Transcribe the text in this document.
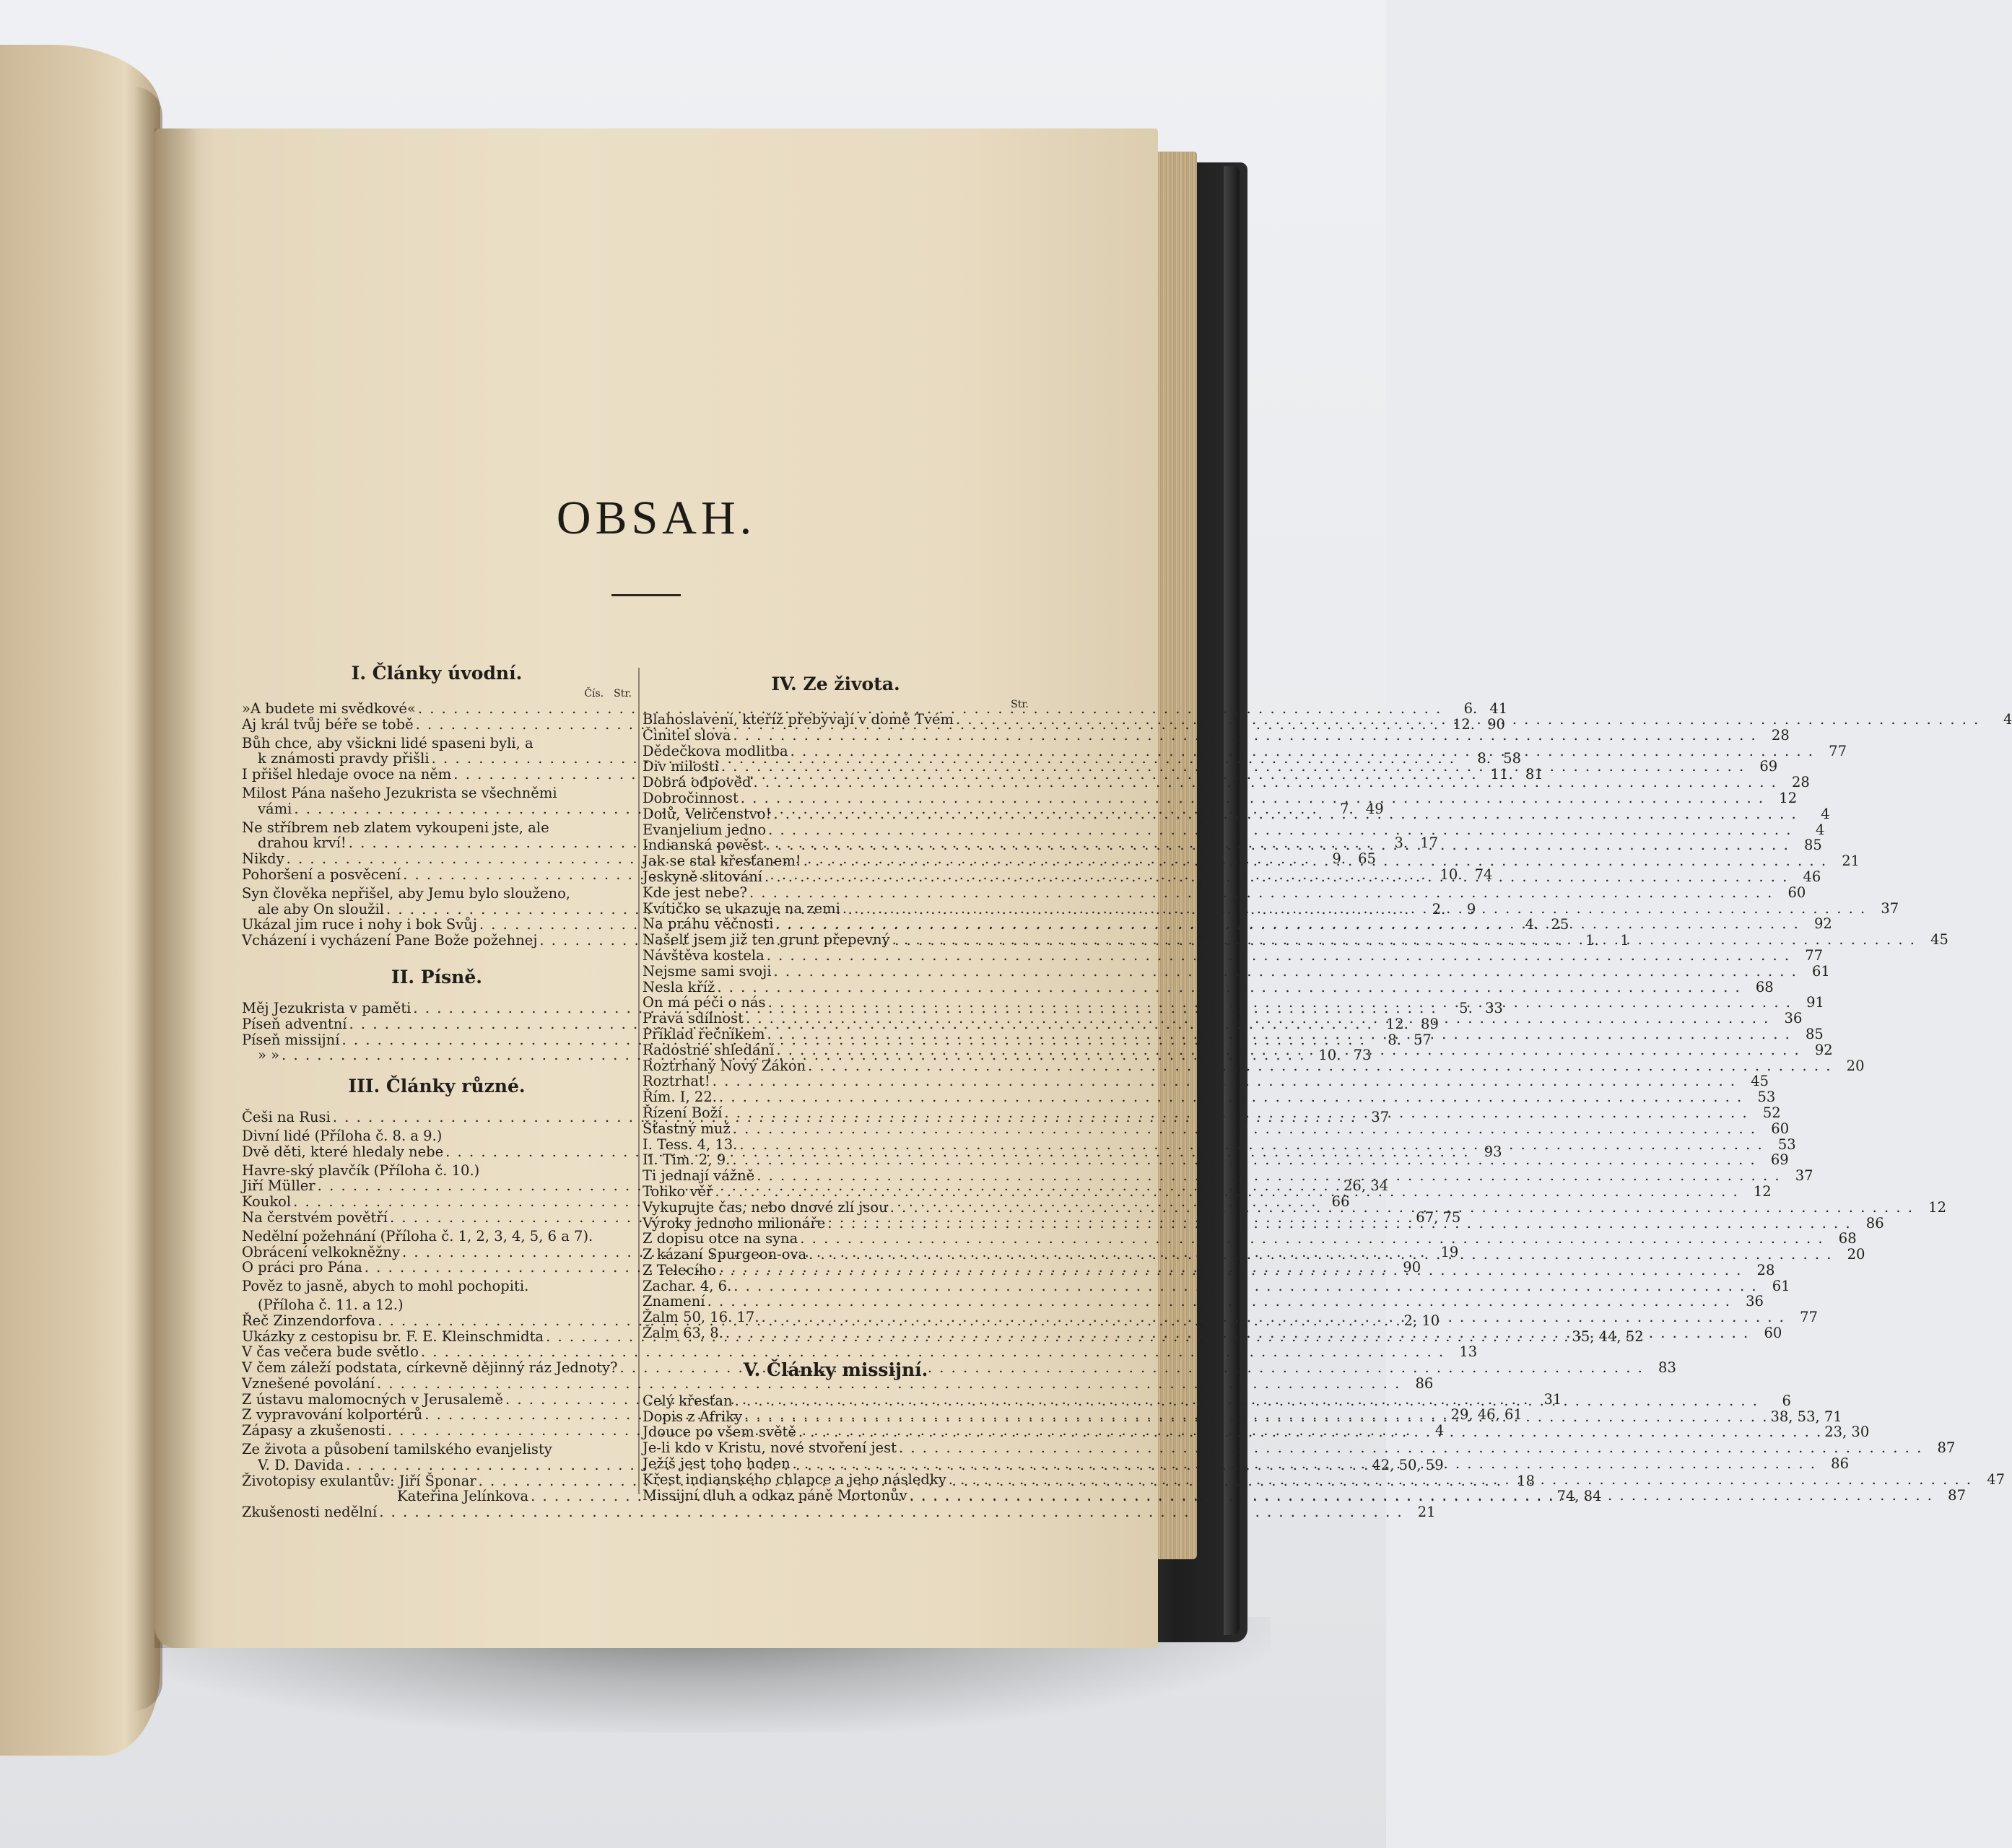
OBSAH.
I. Články úvodní.
Čís. Str.
»A budete mi svědkové« . . .	6. 41
Aj král tvůj béře se tobě . . .	12. 90
Bůh chce, aby všickni lidé spaseni byli, a
k známosti pravdy přišli . . .	8. 58
I přišel hledaje ovoce na něm . . .	11. 81
Milost Pána našeho Jezukrista se všechněmi
vámi . . .	7. 49
Ne stříbrem neb zlatem vykoupeni jste, ale
drahou krví! . . .	3. 17
Nikdy . . .	9. 65
Pohoršení a posvěcení . . .	10. 74
Syn člověka nepřišel, aby Jemu bylo slouženo,
ale aby On sloužil . . .	2.	9
Ukázal jim ruce i nohy i bok Svůj . . .	4. 25
Vcházení i vycházení Pane Bože požehnej . . .	1.	1
II. Písně.
Měj Jezukrista v paměti . . .	5. 33
Píseň adventní . . .	12. 89
Píseň missijní . . .	8. 57
» » . . .	10. 73
III. Články různé.
Češi na Rusi . . .	37
Divní lidé (Příloha č. 8. a 9.)
Dvě děti, které hledaly nebe . . .	93
Havre-ský plavčík (Příloha č. 10.)
Jiří Müller . . .	26, 34
Koukol . . .	66
Na čerstvém povětří . . .	67, 75
Nedělní požehnání (Příloha č. 1, 2, 3, 4, 5, 6 a 7).
Obrácení velkokněžny . . .	19
O práci pro Pána . . .	90
Pověz to jasně, abych to mohl pochopiti.
(Příloha č. 11. a 12.)
Řeč Zinzendorfova . . .	2, 10
Ukázky z cestopisu br. F. E. Kleinschmidta . . .	35, 44, 52
V čas večera bude světlo . . .	13
V čem záleží podstata, církevně dějinný ráz Jednoty? . . .	83
Vznešené povolání . . .	86
Z ústavu malomocných v Jerusalemě . . .	31
Z vypravování kolportérů . . .	29, 46, 61
Zápasy a zkušenosti . . .	4
Ze života a působení tamilského evanjelisty
V. D. Davida . . .	42, 50, 59
Životopisy exulantův: Jiří Šponar . . .	18
Kateřina Jelínkova . . .	74, 84
Zkušenosti nedělní . . .	21
IV. Ze života.
Str.
Blahoslavení, kteříž přebývají v domě Tvém . . .	4
Činitel slova . . .	28
Dědečkova modlitba . . .	77
Div milosti . . .	69
Dobrá odpověď . . .	28
Dobročinnost . . .	12
Dolů, Veličenstvo! . . .	4
Evanjelium jedno . . .	4
Indianská pověst . . .	85
Jak se stal křesťanem! . . .	21
Jeskyně slitování . . .	46
Kde jest nebe? . . .	60
Kvítičko se ukazuje na zemi . . .	37
Na práhu věčnosti . . .	92
Našelť jsem již ten grunt přepevný . . .	45
Návštěva kostela . . .	77
Nejsme sami svoji . . .	61
Nesla kříž . . .	68
On má péči o nás . . .	91
Pravá sdílnost . . .	36
Příklad řečníkem . . .	85
Radostné shledání . . .	92
Roztrhaný Nový Zákon . . .	20
Roztrhat! . . .	45
Řím. I, 22. . . .	53
Řízení Boží . . .	52
Šťastný muž . . .	60
I. Tess. 4, 13. . . .	53
II. Tim. 2, 9. . . .	69
Ti jednají vážně . . .	37
Toliko věř . . .	12
Vykupujte čas, nebo dnové zlí jsou . . .	12
Výroky jednoho milionáře . . .	86
Z dopisu otce na syna . . .	68
Z kázaní Spurgeon-ova . . .	20
Z Telecího . . .	28
Zachar. 4, 6. . . .	61
Znamení . . .	36
Žalm 50, 16. 17. . . .	77
Žalm 63, 8. . . .	60
V. Články missijní.
Celý křesťan . . .	6
Dopis z Afriky . . .	38, 53, 71
Jdouce po všem světě . . .	23, 30
Je-li kdo v Kristu, nové stvoření jest . . .	87
Ježíš jest toho hoden . . .	86
Křest indianského chlapce a jeho následky . . .	47
Missijní dluh a odkaz páně Mortonův . . .	87
